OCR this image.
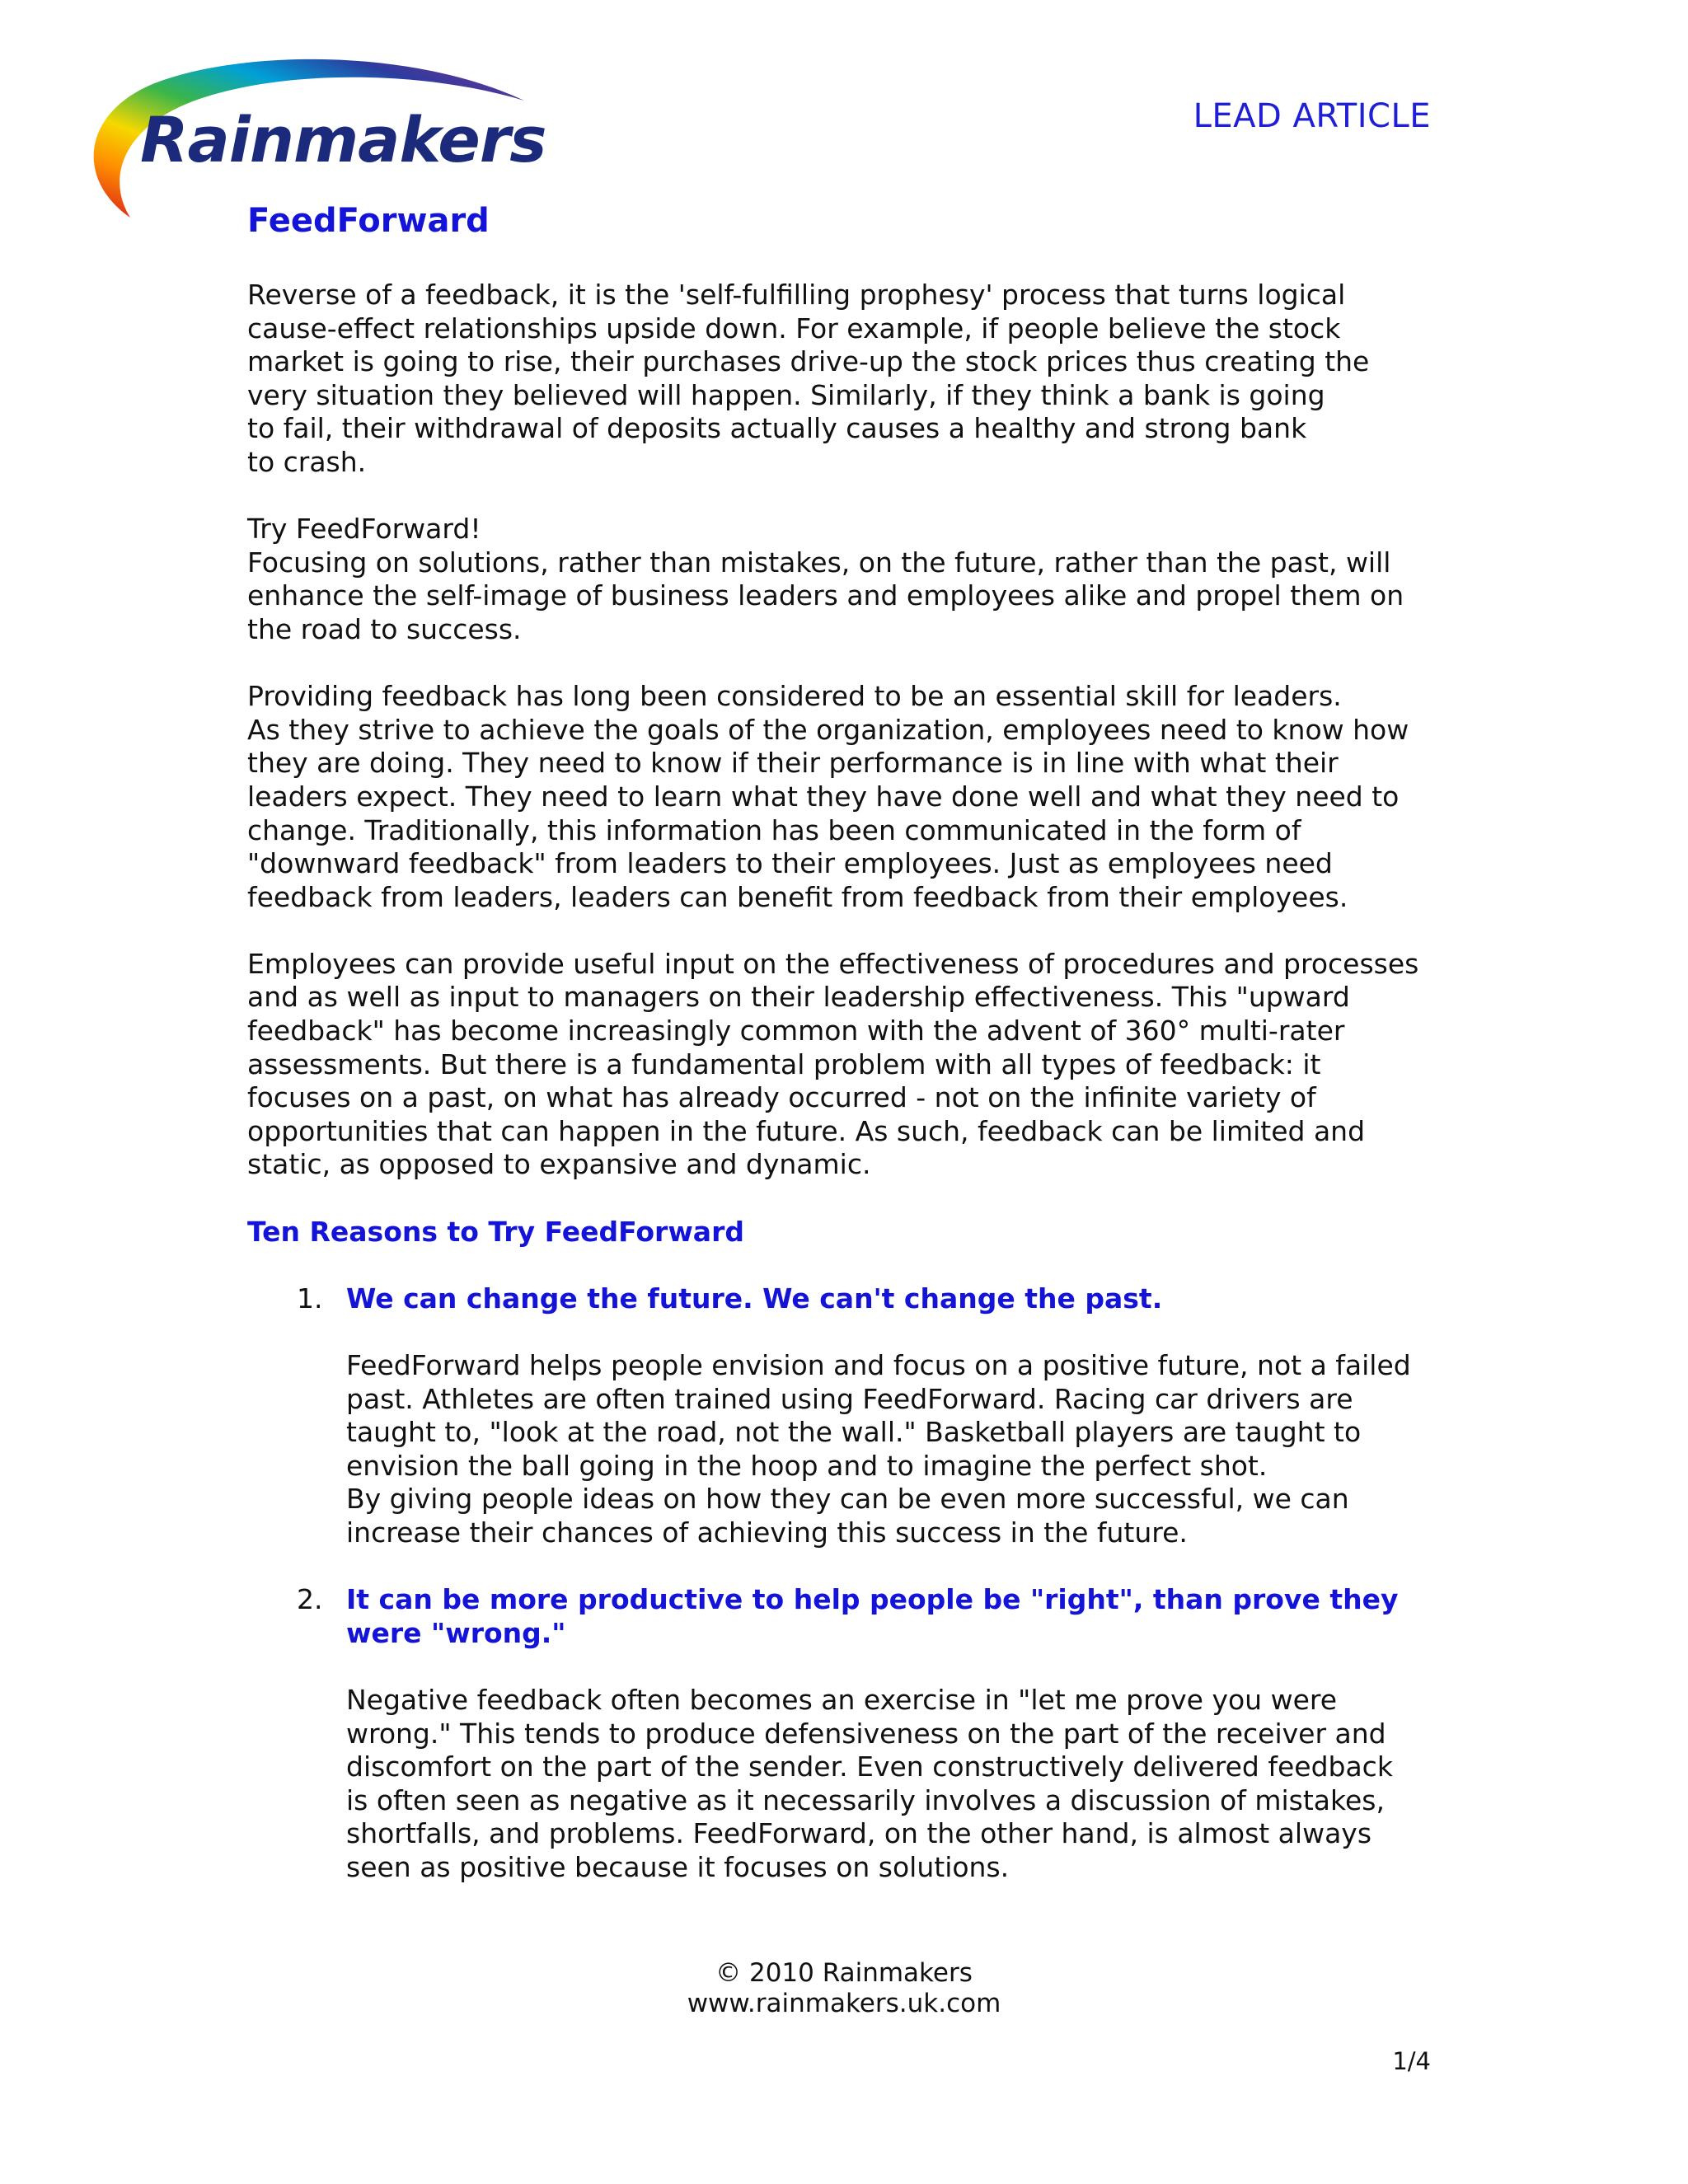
Rainmakers	LEAD ARTICLE
FeedForward

Reverse of a feedback, it is the 'self-fulfilling prophesy' process that turns logical
cause-effect relationships upside down. For example, if people believe the stock
market is going to rise, their purchases drive-up the stock prices thus creating the
very situation they believed will happen. Similarly, if they think a bank is going
to fail, their withdrawal of deposits actually causes a healthy and strong bank
to crash.

Try FeedForward!
Focusing on solutions, rather than mistakes, on the future, rather than the past, will
enhance the self-image of business leaders and employees alike and propel them on
the road to success.

Providing feedback has long been considered to be an essential skill for leaders.
As they strive to achieve the goals of the organization, employees need to know how
they are doing. They need to know if their performance is in line with what their
leaders expect. They need to learn what they have done well and what they need to
change. Traditionally, this information has been communicated in the form of
"downward feedback" from leaders to their employees. Just as employees need
feedback from leaders, leaders can benefit from feedback from their employees.

Employees can provide useful input on the effectiveness of procedures and processes
and as well as input to managers on their leadership effectiveness. This "upward
feedback" has become increasingly common with the advent of 360° multi-rater
assessments. But there is a fundamental problem with all types of feedback: it
focuses on a past, on what has already occurred - not on the infinite variety of
opportunities that can happen in the future. As such, feedback can be limited and
static, as opposed to expansive and dynamic.

Ten Reasons to Try FeedForward
1. We can change the future. We can't change the past.

FeedForward helps people envision and focus on a positive future, not a failed
past. Athletes are often trained using FeedForward. Racing car drivers are
taught to, "look at the road, not the wall." Basketball players are taught to
envision the ball going in the hoop and to imagine the perfect shot.
By giving people ideas on how they can be even more successful, we can
increase their chances of achieving this success in the future.

2. It can be more productive to help people be "right", than prove they were "wrong."

Negative feedback often becomes an exercise in "let me prove you were
wrong." This tends to produce defensiveness on the part of the receiver and
discomfort on the part of the sender. Even constructively delivered feedback
is often seen as negative as it necessarily involves a discussion of mistakes,
shortfalls, and problems. FeedForward, on the other hand, is almost always
seen as positive because it focuses on solutions.

© 2010 Rainmakers
www.rainmakers.uk.com
1/4
